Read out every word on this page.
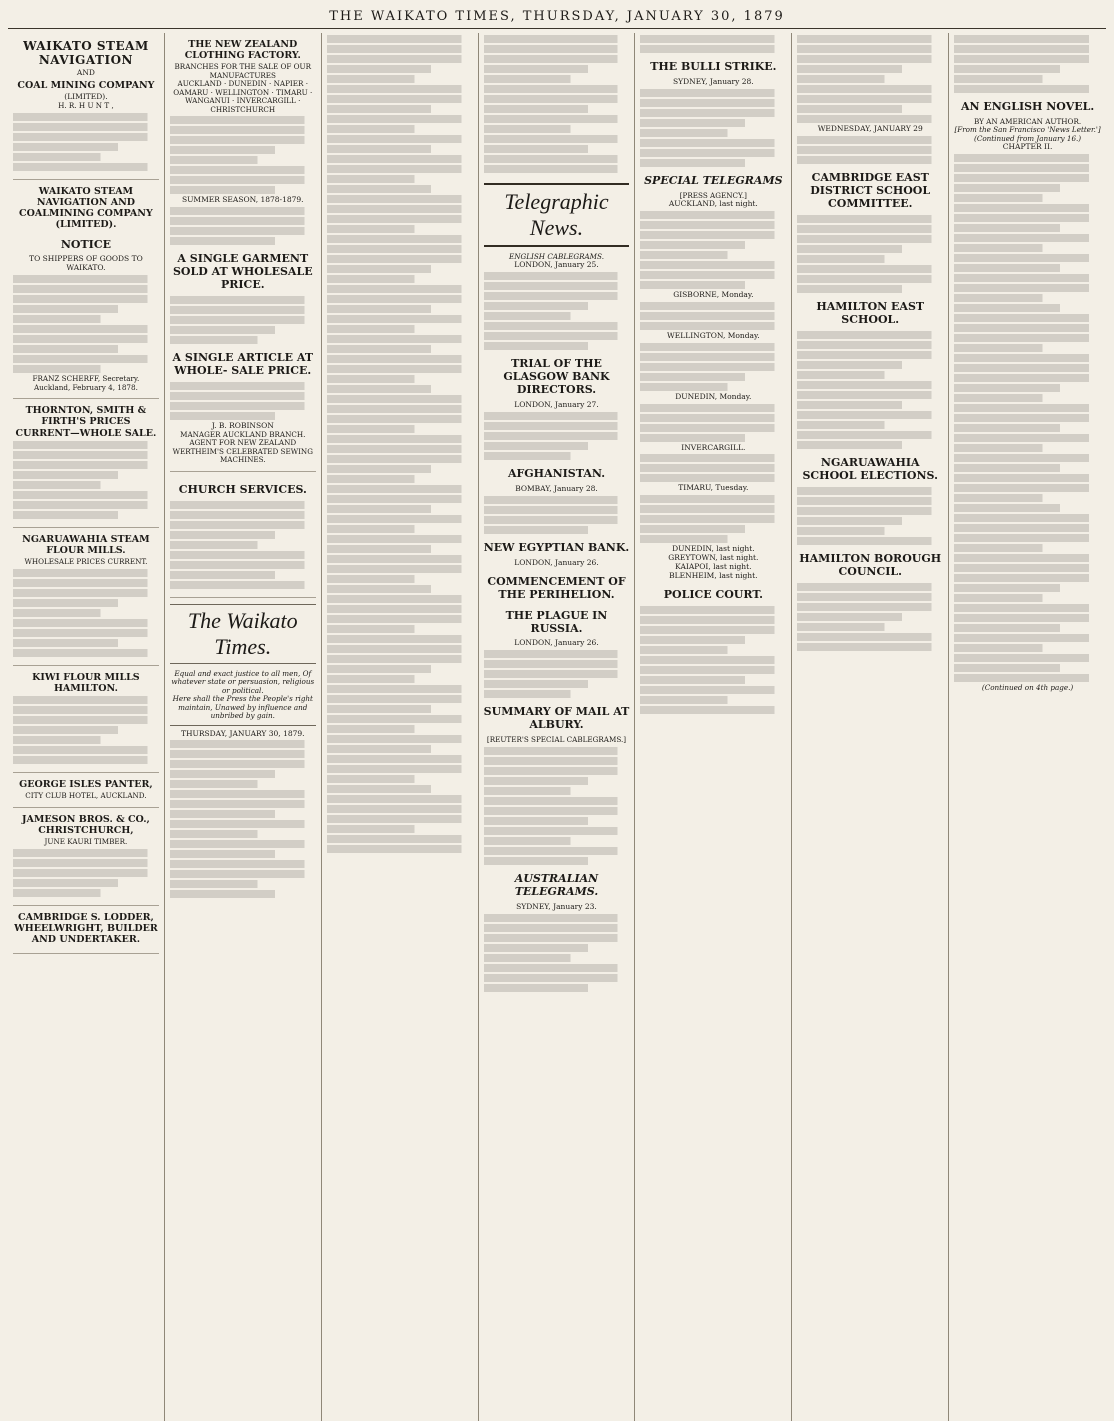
THE WAIKATO TIMES, THURSDAY, JANUARY 30, 1879
WAIKATO STEAM NAVIGATION
AND
COAL MINING COMPANY
(LIMITED).
H. R. H U N T ,
WAIKATO STEAM NAVIGATION AND COALMINING COMPANY (LIMITED).
NOTICE
TO SHIPPERS OF GOODS TO WAIKATO.
FRANZ SCHERFF, Secretary.
Auckland, February 4, 1878.
THORNTON, SMITH & FIRTH'S PRICES CURRENT—WHOLE SALE.
NGARUAWAHIA STEAM FLOUR MILLS.
WHOLESALE PRICES CURRENT.
KIWI FLOUR MILLS HAMILTON.
GEORGE ISLES PANTER,
CITY CLUB HOTEL, AUCKLAND.
JAMESON BROS. & CO., CHRISTCHURCH,
JUNE KAURI TIMBER.
CAMBRIDGE S. LODDER, WHEELWRIGHT, BUILDER AND UNDERTAKER.
THE NEW ZEALAND CLOTHING FACTORY.
BRANCHES FOR THE SALE OF OUR MANUFACTURES
AUCKLAND · DUNEDIN · NAPIER · OAMARU · WELLINGTON · TIMARU · WANGANUI · INVERCARGILL · CHRISTCHURCH
SUMMER SEASON, 1878-1879.
A SINGLE GARMENT SOLD AT WHOLESALE PRICE.
A SINGLE ARTICLE AT WHOLE- SALE PRICE.
J. B. ROBINSON
MANAGER AUCKLAND BRANCH.
AGENT FOR NEW ZEALAND WERTHEIM'S CELEBRATED SEWING MACHINES.
CHURCH SERVICES.
The Waikato Times.
Equal and exact justice to all men, Of whatever state or persuasion, religious or political.
Here shall the Press the People's right maintain, Unawed by influence and unbribed by gain.
THURSDAY, JANUARY 30, 1879.
Telegraphic News.
ENGLISH CABLEGRAMS.
LONDON, January 25.
TRIAL OF THE GLASGOW BANK DIRECTORS.
LONDON, January 27.
AFGHANISTAN.
BOMBAY, January 28.
NEW EGYPTIAN BANK.
LONDON, January 26.
COMMENCEMENT OF THE PERIHELION.
THE PLAGUE IN RUSSIA.
LONDON, January 26.
SUMMARY OF MAIL AT ALBURY.
[REUTER'S SPECIAL CABLEGRAMS.]
AUSTRALIAN TELEGRAMS.
SYDNEY, January 23.
THE BULLI STRIKE.
SYDNEY, January 28.
SPECIAL TELEGRAMS
[PRESS AGENCY.]
AUCKLAND, last night.
GISBORNE, Monday.
WELLINGTON, Monday.
DUNEDIN, Monday.
INVERCARGILL.
TIMARU, Tuesday.
DUNEDIN, last night.
GREYTOWN, last night.
KAIAPOI, last night.
BLENHEIM, last night.
POLICE COURT.
WEDNESDAY, JANUARY 29
CAMBRIDGE EAST DISTRICT SCHOOL COMMITTEE.
HAMILTON EAST SCHOOL.
NGARUAWAHIA SCHOOL ELECTIONS.
HAMILTON BOROUGH COUNCIL.
AN ENGLISH NOVEL.
BY AN AMERICAN AUTHOR.
[From the San Francisco 'News Letter.'] (Continued from January 16.)
CHAPTER II.
(Continued on 4th page.)
